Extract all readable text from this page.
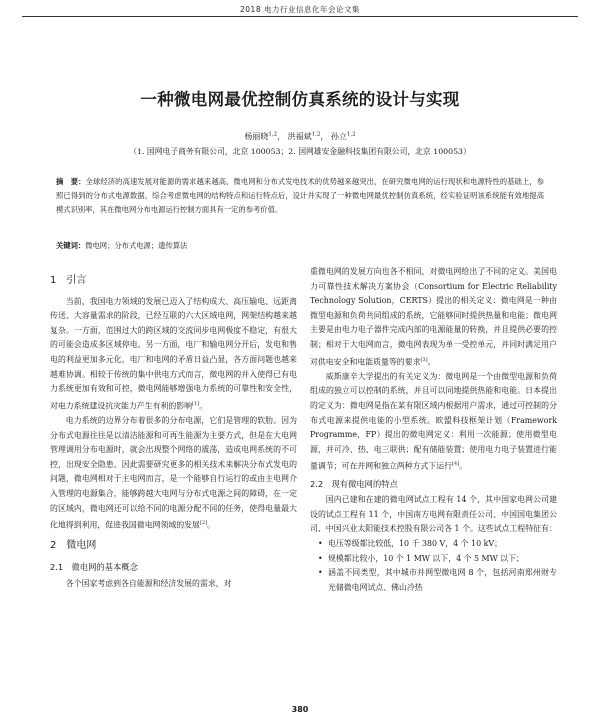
2018 电力行业信息化年会论文集
一种微电网最优控制仿真系统的设计与实现
杨丽晓$^{1,2}$， 洪福斌$^{1,2}$， 孙立$^{1,2}$
（1. 国网电子商务有限公司，北京 100053；2. 国网雄安金融科技集团有限公司，北京 100053）
摘　要：全球经济的高速发展对能源的需求越来越高，微电网和分布式发电技术的优势越来越突出，在研究微电网的运行现状和电源特性的基础上，参照已得到的分布式电源数据，综合考虑微电网的结构特点和运行特点后，设计并实现了一种微电网最优控制仿真系统，经实验证明该系统能有效地提高模式识别率，其在微电网分布电源运行控制方面具有一定的参考价值。
关键词：微电网；分布式电源；遗传算法
1　引言

当前，我国电力领域的发展已迈入了结构成大、高压输电、远距离传送、大容量需求的阶段，已经互联的六大区域电网，网架结构越来越复杂。一方面，范围过大的跨区域的交流同步电网极度不稳定，有很大的可能会造成多区域停电。另一方面，电厂和输电网分开后，发电和售电的利益更加多元化，电厂和电网的矛盾日益凸显，各方面问题也越来越难协调。相较于传统的集中供电方式而言，微电网的并入使得已有电力系统更加有效和可控，微电网能够增强电力系统的可靠性和安全性，对电力系统建设抗灾能力产生有利的影响[1]。

电力系统的边界分布着很多的分布电源，它们是管理的软肋。因为分布式电源往往是以清洁能源和可再生能源为主要方式，但是在大电网管理调用分布电源时，就会出现整个网络的震荡，造成电网系统的不可控，出现安全隐患。因此需要研究更多的相关技术来解决分布式发电的问题，微电网相对于主电网而言，是一个能够自行运行的或由主电网介入管理的电源集合，能够跨越大电网与分布式电源之间的障碍，在一定的区域内，微电网还可以给不同的电源分配不同的任务，使得电量最大化地得到利用，促进我国微电网领域的发展[2]。

2　微电网
2.1　微电网的基本概念

各个国家考虑到各自能源和经济发展的需求，对

重微电网的发展方向也各不相同，对微电网给出了不同的定义。美国电力可靠性技术解决方案协会（Consortium for Electric Reliability Technology Solution，CERTS）提出的相关定义：微电网是一种由微型电源和负荷共同组成的系统，它能够同时提供热量和电能；微电网主要是由电力电子器件完成内部的电源能量的转换，并且提供必要的控制；相对于大电网而言，微电网表现为单一受控单元，并同时满足用户对供电安全和电能质量等的要求[3]。

威斯康辛大学提出的有关定义为：微电网是一个由微型电源和负荷组成的独立可以控制的系统，并且可以同地提供热能和电能。日本提出的定义为：微电网是指在某有限区域内根据用户需求，通过可控制的分布式电源来提供电能的小型系统。欧盟科技框架计划（Framework Programme，FP）提出的微电网定义：利用一次能源；使用微型电源，并可冷、热、电三联供；配有储能装置；使用电力电子装置进行能量调节；可在并网和独立两种方式下运行[4]。

2.2　现有微电网的特点

国内已建和在建的微电网试点工程有 14 个，其中国家电网公司建设的试点工程有 11 个，中国南方电网有限责任公司、中国国电集团公司、中国兴业太阳能技术控股有限公司各 1 个。这些试点工程特征有：

• 电压等级都比较低，10 千 380 V，4 个 10 kV；
• 规模都比较小，10 个 1 MW 以下，4 个 5 MW 以下；
• 涵盖不同类型，其中城市并网型微电网 8 个，包括河南郑州财专光储微电网试点、佛山冷热
380
